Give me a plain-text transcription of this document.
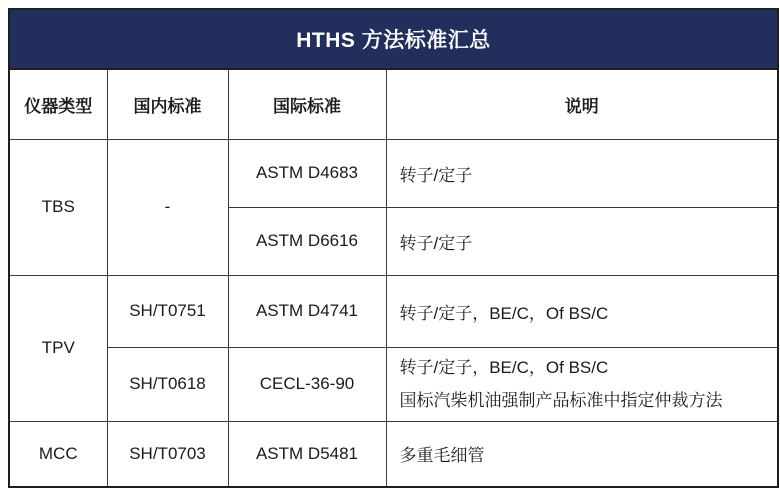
HTHS 方法标准汇总			
仪器类型	国内标准	国际标准	说明
TBS	-	ASTM D4683	转子/定子
		ASTM D6616	转子/定子
TPV	SH/T0751	ASTM D4741	转子/定子，BE/C，Of BS/C
	SH/T0618	CECL-36-90	转子/定子，BE/C，Of BS/C
国标汽柴机油强制产品标准中指定仲裁方法

MCC	SH/T0703	ASTM D5481	多重毛细管
